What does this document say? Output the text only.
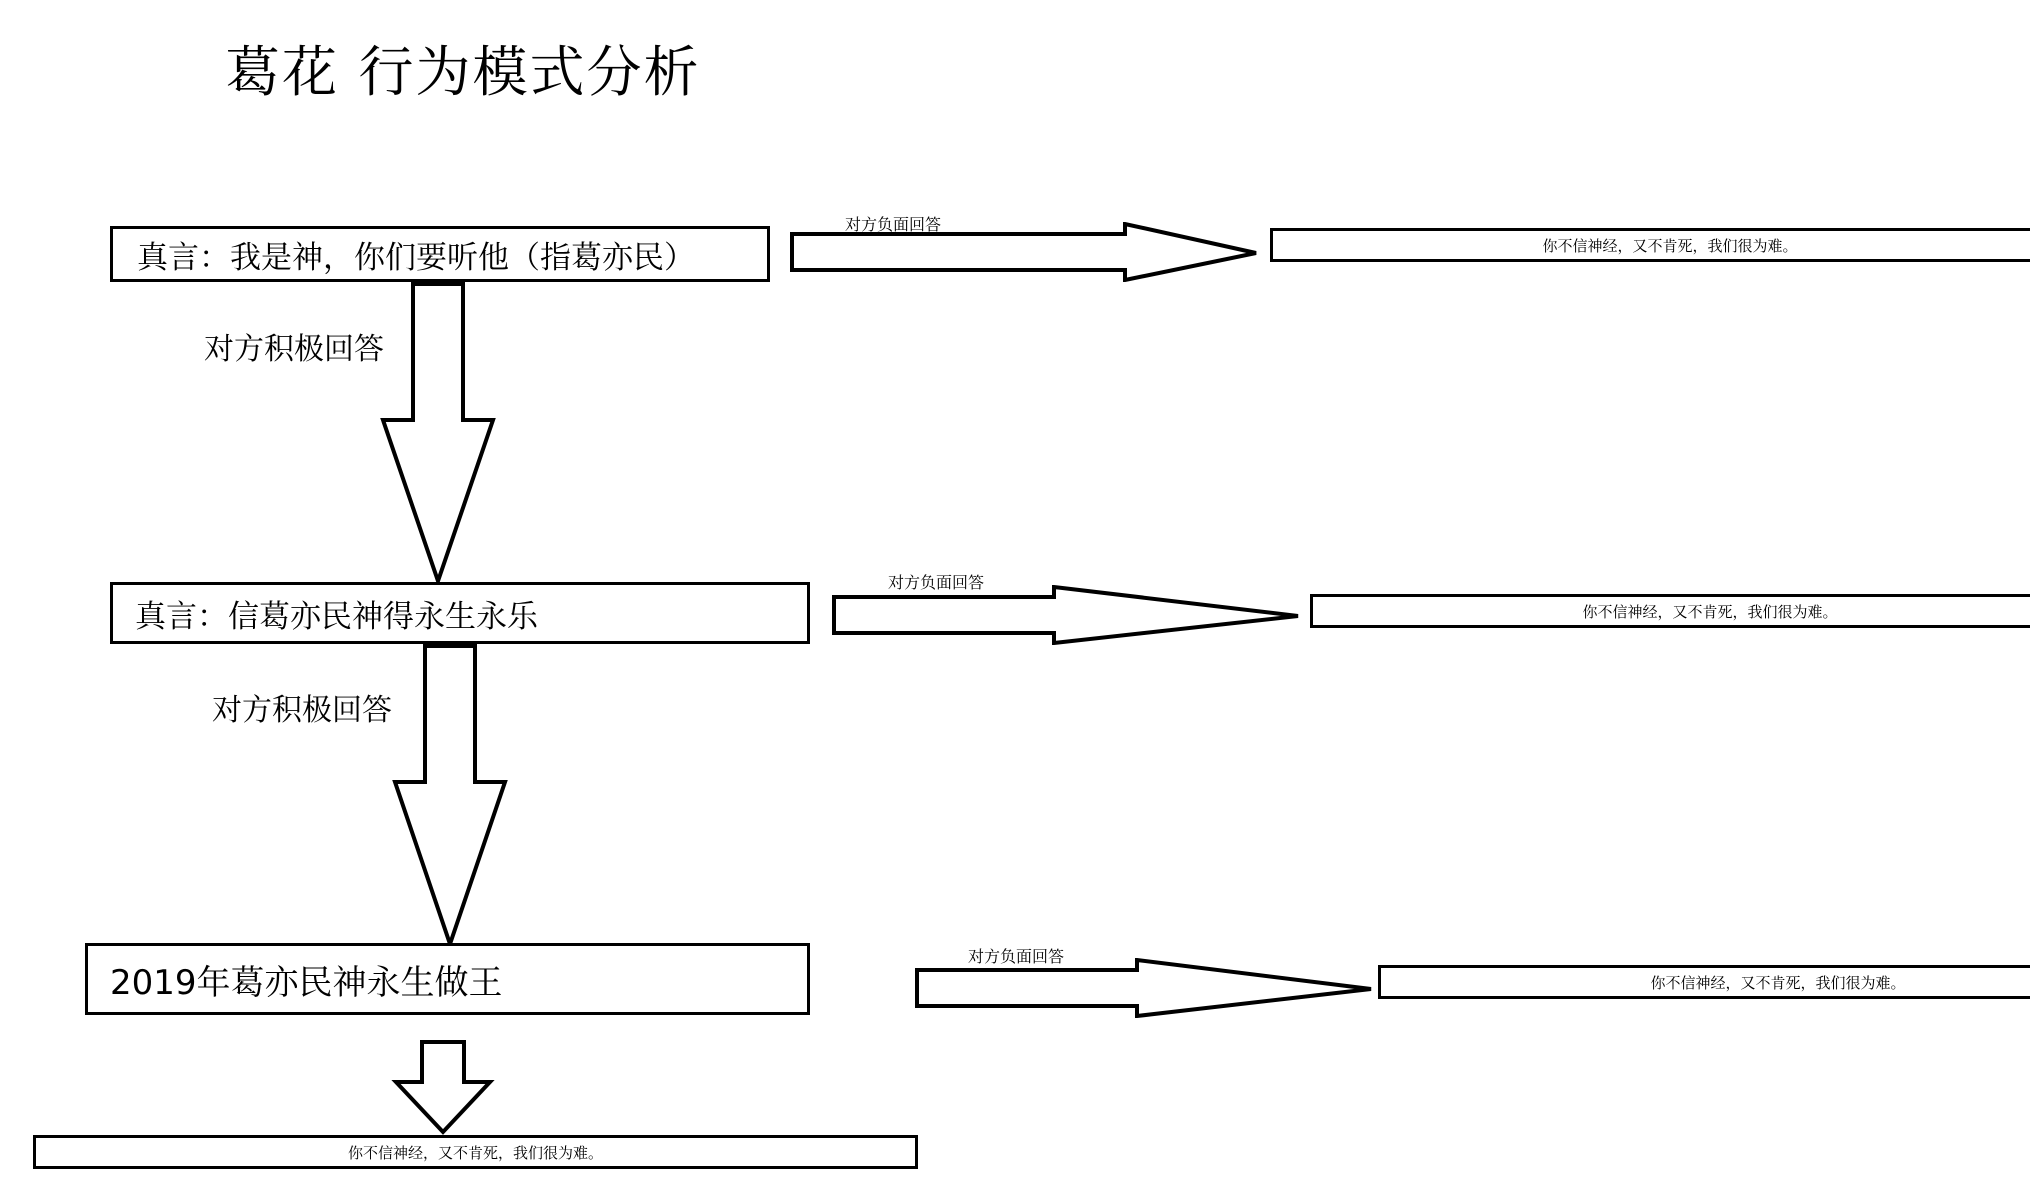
葛花 行为模式分析
真言：我是神，你们要听他（指葛亦民）	你不信神经，又不肯死，我们很为难。
对方负面回答
对方积极回答
真言：信葛亦民神得永生永乐	你不信神经，又不肯死，我们很为难。
对方负面回答
对方积极回答
2019年葛亦民神永生做王	你不信神经，又不肯死，我们很为难。
对方负面回答
你不信神经，又不肯死，我们很为难。
